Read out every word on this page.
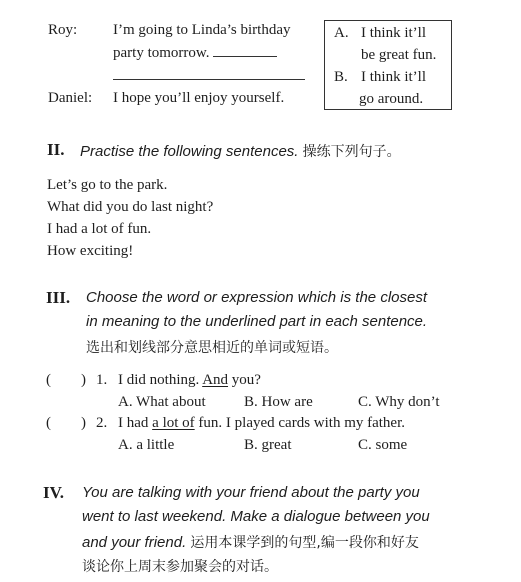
Roy: I’m going to Linda’s birthday
party tomorrow.
Daniel: I hope you’ll enjoy yourself.
A. I think it’ll
be great fun.
B. I think it’ll
go around.
II. Practise the following sentences. 操练下列句子。
Let’s go to the park.
What did you do last night?
I had a lot of fun.
How exciting!
III. Choose the word or expression which is the closest
in meaning to the underlined part in each sentence.
选出和划线部分意思相近的单词或短语。
( ) 1. I did nothing. And you?
A. What about	B. How are	C. Why don’t
( ) 2. I had a lot of fun. I played cards with my father.
A. a little	B. great	C. some
IV. You are talking with your friend about the party you
went to last weekend. Make a dialogue between you
and your friend. 运用本课学到的句型,编一段你和好友
谈论你上周末参加聚会的对话。
